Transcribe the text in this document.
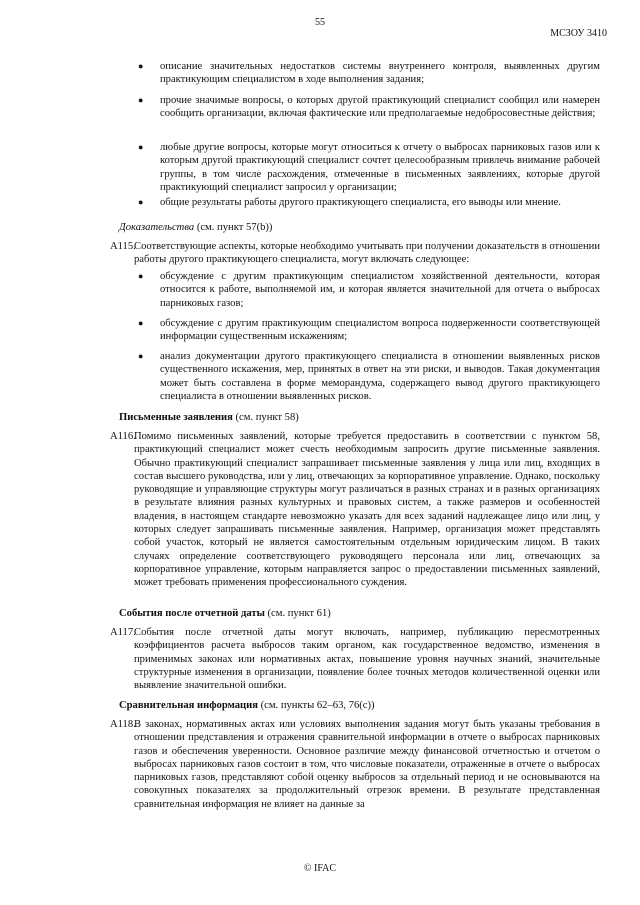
55
МСЗОУ 3410
● описание значительных недостатков системы внутреннего контроля, выявленных другим практикующим специалистом в ходе выполнения задания;

● прочие значимые вопросы, о которых другой практикующий специалист сообщил или намерен сообщить организации, включая фактические или предполагаемые недобросовестные действия;

● любые другие вопросы, которые могут относиться к отчету о выбросах парниковых газов или к которым другой практикующий специалист сочтет целесообразным привлечь внимание рабочей группы, в том числе расхождения, отмеченные в письменных заявлениях, которые другой практикующий специалист запросил у организации;

● общие результаты работы другого практикующего специалиста, его выводы или мнение.

Доказательства (см. пункт 57(b))
A115.

Соответствующие аспекты, которые необходимо учитывать при получении доказательств в отношении работы другого практикующего специалиста, могут включать следующее:

● обсуждение с другим практикующим специалистом хозяйственной деятельности, которая относится к работе, выполняемой им, и которая является значительной для отчета о выбросах парниковых газов;

● обсуждение с другим практикующим специалистом вопроса подверженности соответствующей информации существенным искажениям;

● анализ документации другого практикующего специалиста в отношении выявленных рисков существенного искажения, мер, принятых в ответ на эти риски, и выводов. Такая документация может быть составлена в форме меморандума, содержащего вывод другого практикующего специалиста в отношении выявленных рисков.

Письменные заявления (см. пункт 58)
A116.

Помимо письменных заявлений, которые требуется предоставить в соответствии с пунктом 58, практикующий специалист может счесть необходимым запросить другие письменные заявления. Обычно практикующий специалист запрашивает письменные заявления у лица или лиц, входящих в состав высшего руководства, или у лиц, отвечающих за корпоративное управление. Однако, поскольку руководящие и управляющие структуры могут различаться в разных странах и в разных организациях в результате влияния разных культурных и правовых систем, а также размеров и особенностей владения, в настоящем стандарте невозможно указать для всех заданий надлежащее лицо или лиц, у которых следует запрашивать письменные заявления. Например, организация может представлять собой участок, который не является самостоятельным отдельным юридическим лицом. В таких случаях определение соответствующего руководящего персонала или лиц, отвечающих за корпоративное управление, которым направляется запрос о предоставлении письменных заявлений, может требовать применения профессионального суждения.

События после отчетной даты (см. пункт 61)
A117.

События после отчетной даты могут включать, например, публикацию пересмотренных коэффициентов расчета выбросов таким органом, как государственное ведомство, изменения в применимых законах или нормативных актах, повышение уровня научных знаний, значительные структурные изменения в организации, появление более точных методов количественной оценки или выявление значительной ошибки.

Сравнительная информация (см. пункты 62–63, 76(c))
A118.

В законах, нормативных актах или условиях выполнения задания могут быть указаны требования в отношении представления и отражения сравнительной информации в отчете о выбросах парниковых газов и обеспечения уверенности. Основное различие между финансовой отчетностью и отчетом о выбросах парниковых газов состоит в том, что числовые показатели, отраженные в отчете о выбросах парниковых газов, представляют собой оценку выбросов за отдельный период и не основываются на совокупных показателях за продолжительный отрезок времени. В результате представленная сравнительная информация не влияет на данные за

© IFAC
